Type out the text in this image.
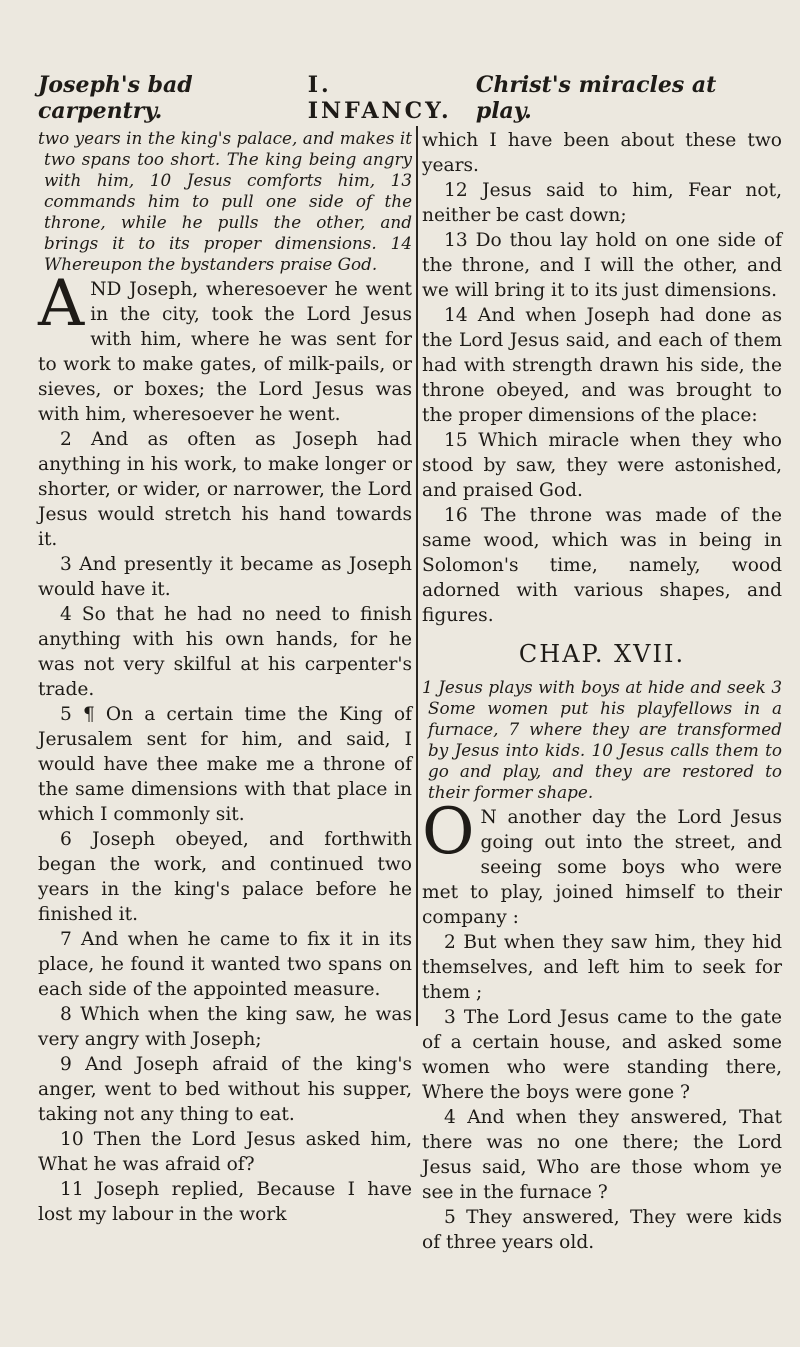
Joseph's bad carpentry.
I. INFANCY.
Christ's miracles at play.

two years in the king's palace, and makes it two spans too short. The king being angry with him, 10 Jesus comforts him, 13 commands him to pull one side of the throne, while he pulls the other, and brings it to its proper dimensions. 14 Whereupon the bystanders praise God.

AND Joseph, wheresoever he went in the city, took the Lord Jesus with him, where he was sent for to work to make gates, of milk-pails, or sieves, or boxes; the Lord Jesus was with him, wheresoever he went.

2 And as often as Joseph had anything in his work, to make longer or shorter, or wider, or narrower, the Lord Jesus would stretch his hand towards it.

3 And presently it became as Joseph would have it.

4 So that he had no need to finish anything with his own hands, for he was not very skilful at his carpenter's trade.

5 ¶ On a certain time the King of Jerusalem sent for him, and said, I would have thee make me a throne of the same dimensions with that place in which I commonly sit.

6 Joseph obeyed, and forthwith began the work, and continued two years in the king's palace before he finished it.

7 And when he came to fix it in its place, he found it wanted two spans on each side of the appointed measure.

8 Which when the king saw, he was very angry with Joseph;

9 And Joseph afraid of the king's anger, went to bed without his supper, taking not any thing to eat.

10 Then the Lord Jesus asked him, What he was afraid of?

11 Joseph replied, Because I have lost my labour in the work

which I have been about these two years.

12 Jesus said to him, Fear not, neither be cast down;

13 Do thou lay hold on one side of the throne, and I will the other, and we will bring it to its just dimensions.

14 And when Joseph had done as the Lord Jesus said, and each of them had with strength drawn his side, the throne obeyed, and was brought to the proper dimensions of the place:

15 Which miracle when they who stood by saw, they were astonished, and praised God.

16 The throne was made of the same wood, which was in being in Solomon's time, namely, wood adorned with various shapes, and figures.

CHAP. XVII.

1 Jesus plays with boys at hide and seek 3 Some women put his playfellows in a furnace, 7 where they are transformed by Jesus into kids. 10 Jesus calls them to go and play, and they are restored to their former shape.

O N another day the Lord Jesus going out into the street, and seeing some boys who were met to play, joined himself to their company :

2 But when they saw him, they hid themselves, and left him to seek for them ;

3 The Lord Jesus came to the gate of a certain house, and asked some women who were standing there, Where the boys were gone ?

4 And when they answered, That there was no one there; the Lord Jesus said, Who are those whom ye see in the furnace ?

5 They answered, They were kids of three years old.
